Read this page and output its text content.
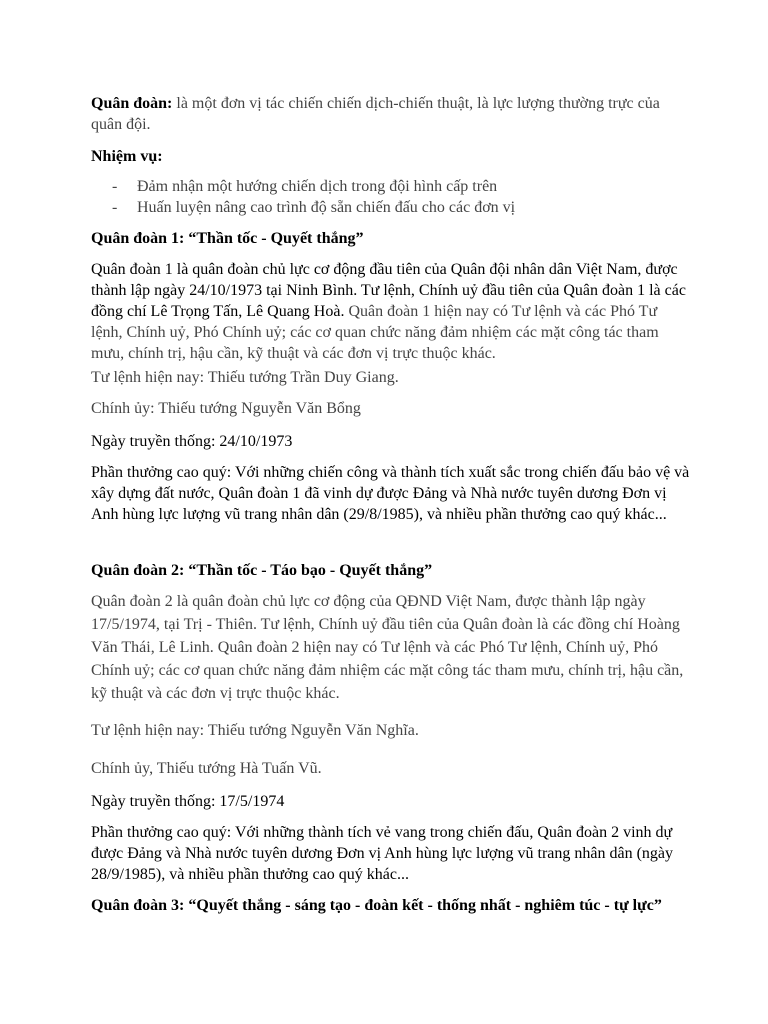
Quân đoàn: là một đơn vị tác chiến chiến dịch-chiến thuật, là lực lượng thường trực của quân đội.

Nhiệm vụ:

- Đảm nhận một hướng chiến dịch trong đội hình cấp trên
- Huấn luyện nâng cao trình độ sẵn chiến đấu cho các đơn vị

Quân đoàn 1: “Thần tốc - Quyết thắng”

Quân đoàn 1 là quân đoàn chủ lực cơ động đầu tiên của Quân đội nhân dân Việt Nam, được thành lập ngày 24/10/1973 tại Ninh Bình. Tư lệnh, Chính uỷ đầu tiên của Quân đoàn 1 là các đồng chí Lê Trọng Tấn, Lê Quang Hoà. Quân đoàn 1 hiện nay có Tư lệnh và các Phó Tư lệnh, Chính uỷ, Phó Chính uỷ; các cơ quan chức năng đảm nhiệm các mặt công tác tham mưu, chính trị, hậu cần, kỹ thuật và các đơn vị trực thuộc khác.

Tư lệnh hiện nay: Thiếu tướng Trần Duy Giang.

Chính ủy: Thiếu tướng Nguyễn Văn Bổng

Ngày truyền thống: 24/10/1973

Phần thưởng cao quý: Với những chiến công và thành tích xuất sắc trong chiến đấu bảo vệ và xây dựng đất nước, Quân đoàn 1 đã vinh dự được Đảng và Nhà nước tuyên dương Đơn vị Anh hùng lực lượng vũ trang nhân dân (29/8/1985), và nhiều phần thưởng cao quý khác...

Quân đoàn 2: “Thần tốc - Táo bạo - Quyết thắng”

Quân đoàn 2 là quân đoàn chủ lực cơ động của QĐND Việt Nam, được thành lập ngày 17/5/1974, tại Trị - Thiên. Tư lệnh, Chính uỷ đầu tiên của Quân đoàn là các đồng chí Hoàng Văn Thái, Lê Linh. Quân đoàn 2 hiện nay có Tư lệnh và các Phó Tư lệnh, Chính uỷ, Phó Chính uỷ; các cơ quan chức năng đảm nhiệm các mặt công tác tham mưu, chính trị, hậu cần, kỹ thuật và các đơn vị trực thuộc khác.

Tư lệnh hiện nay: Thiếu tướng Nguyễn Văn Nghĩa.

Chính ủy, Thiếu tướng Hà Tuấn Vũ.

Ngày truyền thống: 17/5/1974

Phần thưởng cao quý: Với những thành tích vẻ vang trong chiến đấu, Quân đoàn 2 vinh dự được Đảng và Nhà nước tuyên dương Đơn vị Anh hùng lực lượng vũ trang nhân dân (ngày 28/9/1985), và nhiều phần thưởng cao quý khác...

Quân đoàn 3: “Quyết thắng - sáng tạo - đoàn kết - thống nhất - nghiêm túc - tự lực”
